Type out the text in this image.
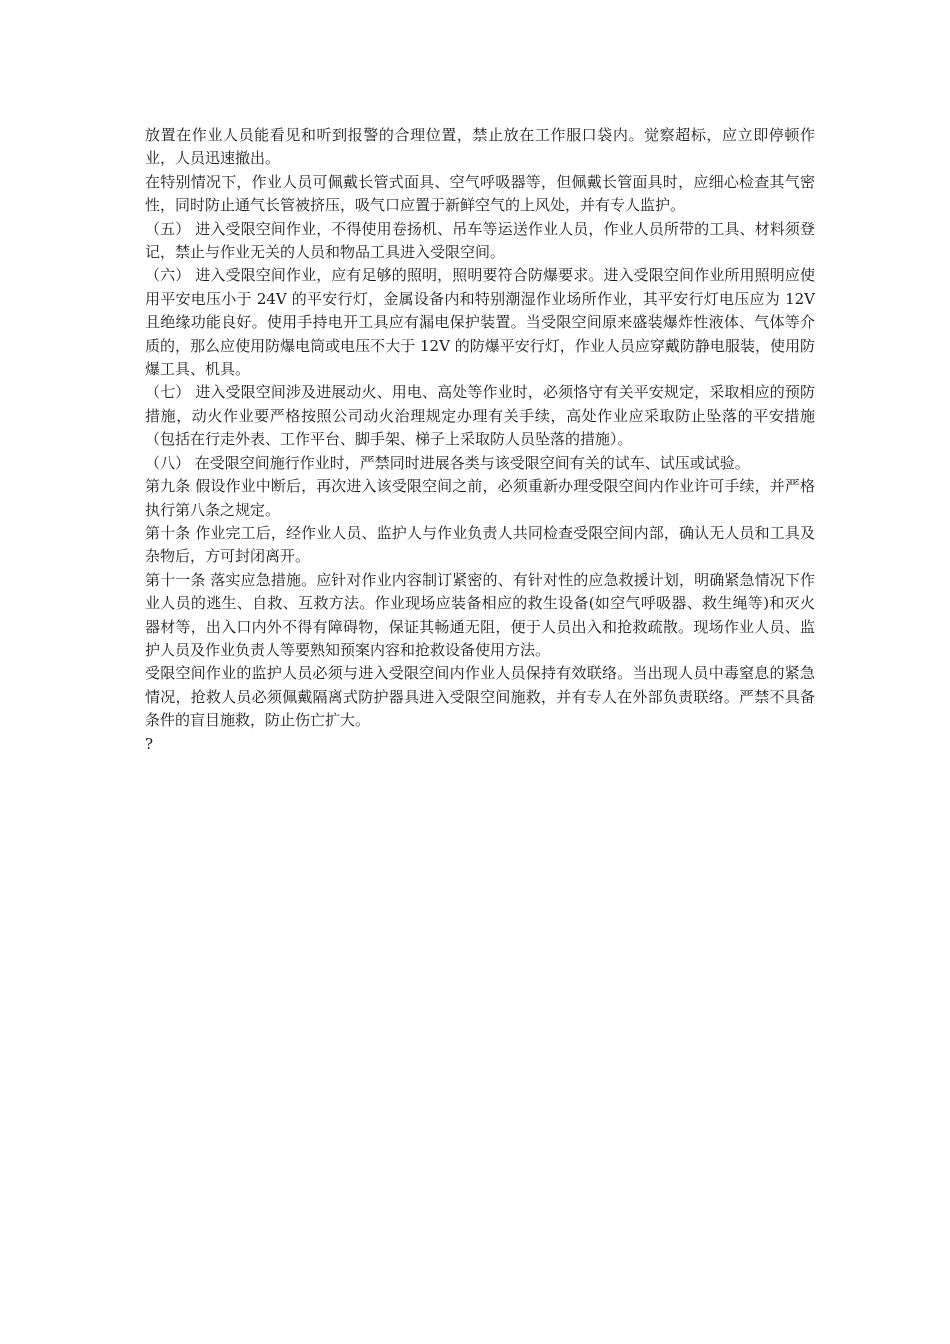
放置在作业人员能看见和听到报警的合理位置，禁止放在工作服口袋内。觉察超标，应立即停顿作业，人员迅速撤出。

在特别情况下，作业人员可佩戴长管式面具、空气呼吸器等，但佩戴长管面具时，应细心检查其气密性，同时防止通气长管被挤压，吸气口应置于新鲜空气的上风处，并有专人监护。

（五） 进入受限空间作业，不得使用卷扬机、吊车等运送作业人员，作业人员所带的工具、材料须登记，禁止与作业无关的人员和物品工具进入受限空间。

（六） 进入受限空间作业，应有足够的照明，照明要符合防爆要求。进入受限空间作业所用照明应使用平安电压小于 24V 的平安行灯，金属设备内和特别潮湿作业场所作业，其平安行灯电压应为 12V 且绝缘功能良好。使用手持电开工具应有漏电保护装置。当受限空间原来盛装爆炸性液体、气体等介质的，那么应使用防爆电筒或电压不大于 12V 的防爆平安行灯，作业人员应穿戴防静电服装，使用防爆工具、机具。

（七） 进入受限空间涉及进展动火、用电、高处等作业时，必须恪守有关平安规定，采取相应的预防措施，动火作业要严格按照公司动火治理规定办理有关手续，高处作业应采取防止坠落的平安措施（包括在行走外表、工作平台、脚手架、梯子上采取防人员坠落的措施）。

（八） 在受限空间施行作业时，严禁同时进展各类与该受限空间有关的试车、试压或试验。

第九条 假设作业中断后，再次进入该受限空间之前，必须重新办理受限空间内作业许可手续，并严格执行第八条之规定。

第十条 作业完工后，经作业人员、监护人与作业负责人共同检查受限空间内部，确认无人员和工具及杂物后，方可封闭离开。

第十一条 落实应急措施。应针对作业内容制订紧密的、有针对性的应急救援计划，明确紧急情况下作业人员的逃生、自救、互救方法。作业现场应装备相应的救生设备(如空气呼吸器、救生绳等)和灭火器材等，出入口内外不得有障碍物，保证其畅通无阻，便于人员出入和抢救疏散。现场作业人员、监护人员及作业负责人等要熟知预案内容和抢救设备使用方法。

受限空间作业的监护人员必须与进入受限空间内作业人员保持有效联络。当出现人员中毒窒息的紧急情况，抢救人员必须佩戴隔离式防护器具进入受限空间施救，并有专人在外部负责联络。严禁不具备条件的盲目施救，防止伤亡扩大。

?
